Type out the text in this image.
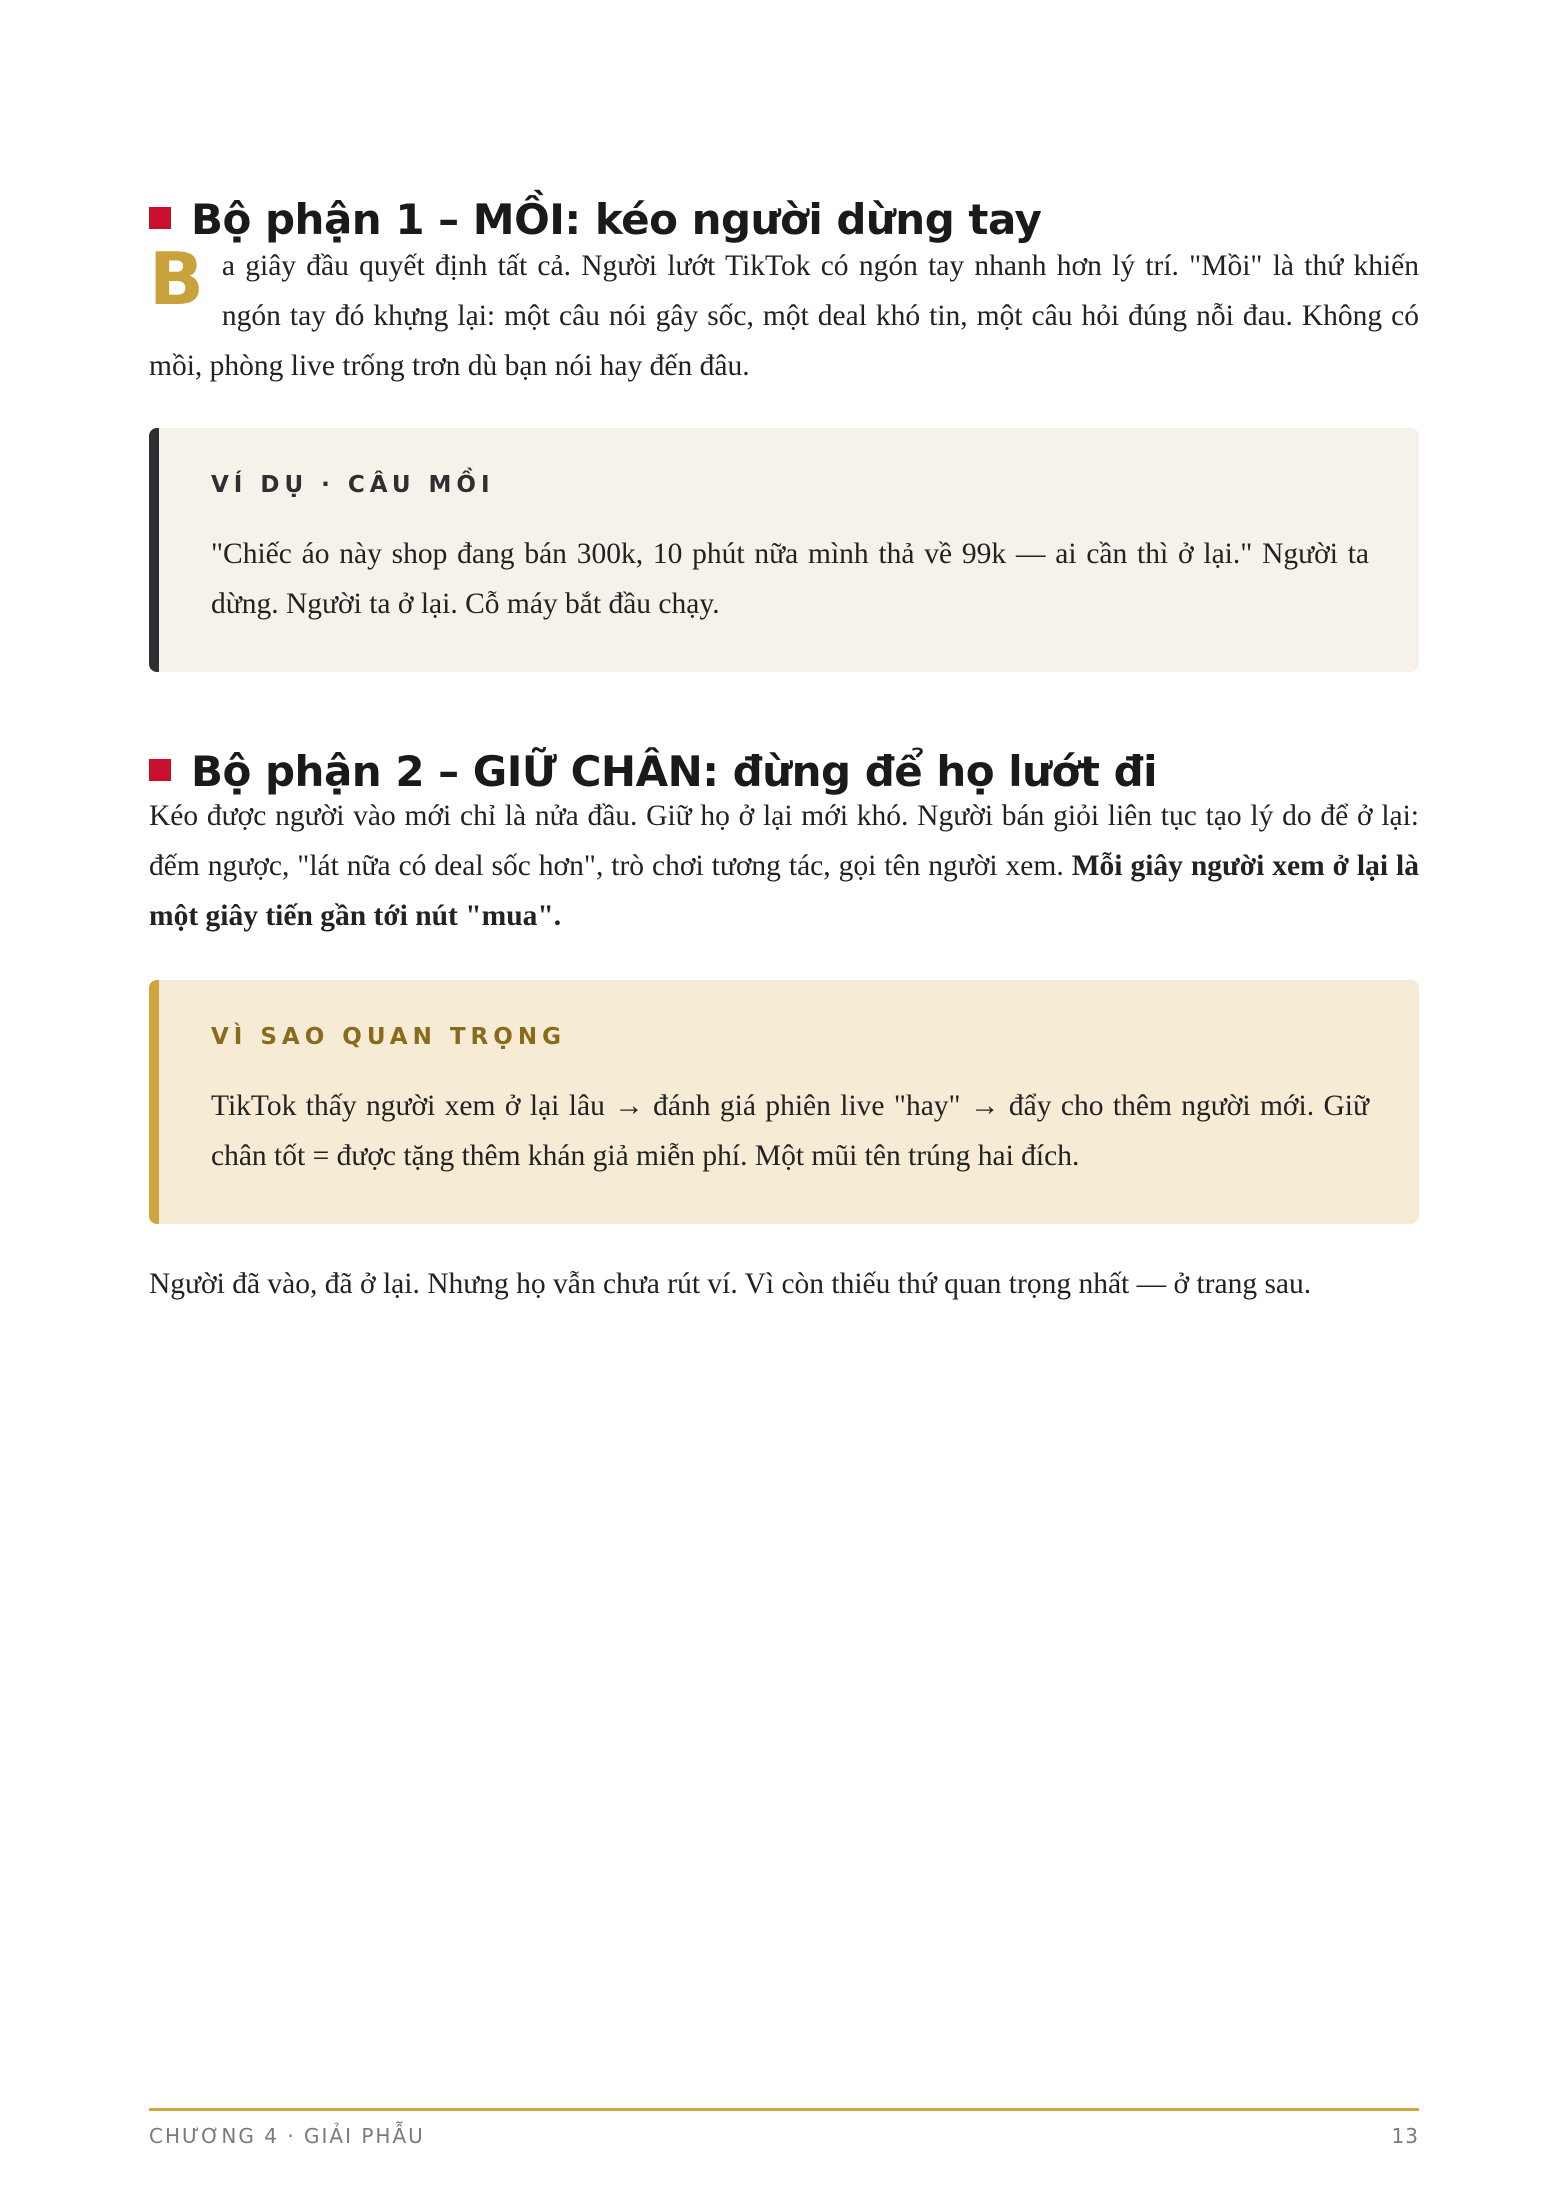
Bộ phận 1 – MỒI: kéo người dừng tay

Ba giây đầu quyết định tất cả. Người lướt TikTok có ngón tay nhanh hơn lý trí. "Mồi" là thứ khiến ngón tay đó khựng lại: một câu nói gây sốc, một deal khó tin, một câu hỏi đúng nỗi đau. Không có mồi, phòng live trống trơn dù bạn nói hay đến đâu.

VÍ DỤ · CÂU MỒI

"Chiếc áo này shop đang bán 300k, 10 phút nữa mình thả về 99k — ai cần thì ở lại." Người ta dừng. Người ta ở lại. Cỗ máy bắt đầu chạy.

Bộ phận 2 – GIỮ CHÂN: đừng để họ lướt đi

Kéo được người vào mới chỉ là nửa đầu. Giữ họ ở lại mới khó. Người bán giỏi liên tục tạo lý do để ở lại: đếm ngược, "lát nữa có deal sốc hơn", trò chơi tương tác, gọi tên người xem. Mỗi giây người xem ở lại là một giây tiến gần tới nút "mua".

VÌ SAO QUAN TRỌNG

TikTok thấy người xem ở lại lâu → đánh giá phiên live "hay" → đẩy cho thêm người mới. Giữ chân tốt = được tặng thêm khán giả miễn phí. Một mũi tên trúng hai đích.

Người đã vào, đã ở lại. Nhưng họ vẫn chưa rút ví. Vì còn thiếu thứ quan trọng nhất — ở trang sau.

CHƯƠNG 4 · GIẢI PHẪU	13
